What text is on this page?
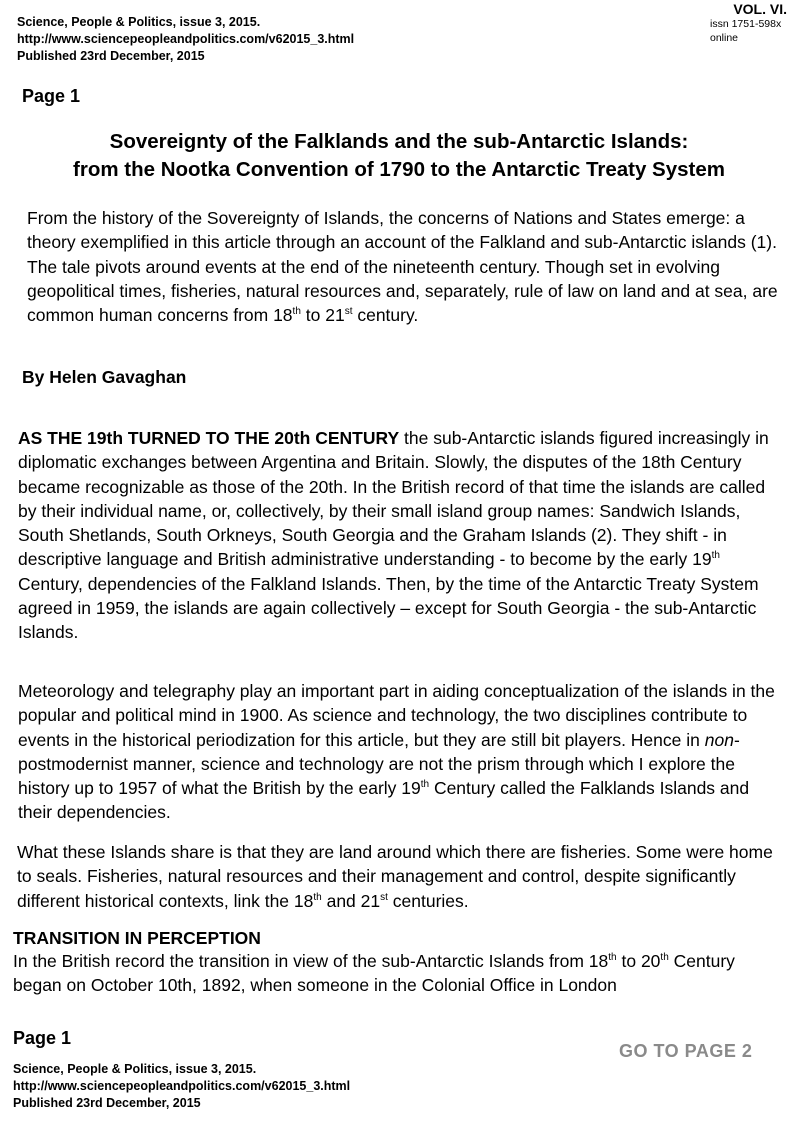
Science, People & Politics, issue 3, 2015.
http://www.sciencepeopleandpolitics.com/v62015_3.html
Published 23rd December, 2015
VOL. VI.
issn 1751-598x
online
Page 1
Sovereignty of the Falklands and the sub-Antarctic Islands:
from the Nootka Convention of 1790 to the Antarctic Treaty System
From the history of the Sovereignty of Islands, the concerns of Nations and States emerge: a theory exemplified in this article through an account of the Falkland and sub-Antarctic islands (1). The tale pivots around events at the end of the nineteenth century. Though set in evolving geopolitical times, fisheries, natural resources and, separately, rule of law on land and at sea, are common human concerns from 18th to 21st century.
By Helen Gavaghan
AS THE 19th TURNED TO THE 20th CENTURY the sub-Antarctic islands figured increasingly in diplomatic exchanges between Argentina and Britain. Slowly, the disputes of the 18th Century became recognizable as those of the 20th. In the British record of that time the islands are called by their individual name, or, collectively, by their small island group names: Sandwich Islands, South Shetlands, South Orkneys, South Georgia and the Graham Islands (2). They shift - in descriptive language and British administrative understanding - to become by the early 19th Century, dependencies of the Falkland Islands. Then, by the time of the Antarctic Treaty System agreed in 1959, the islands are again collectively – except for South Georgia - the sub-Antarctic Islands.
Meteorology and telegraphy play an important part in aiding conceptualization of the islands in the popular and political mind in 1900. As science and technology, the two disciplines contribute to events in the historical periodization for this article, but they are still bit players. Hence in non-postmodernist manner, science and technology are not the prism through which I explore the history up to 1957 of what the British by the early 19th Century called the Falklands Islands and their dependencies.
What these Islands share is that they are land around which there are fisheries. Some were home to seals. Fisheries, natural resources and their management and control, despite significantly different historical contexts, link the 18th and 21st centuries.
TRANSITION IN PERCEPTION
In the British record the transition in view of the sub-Antarctic Islands from 18th to 20th Century began on October 10th, 1892, when someone in the Colonial Office in London
Page 1
GO TO PAGE 2
Science, People & Politics, issue 3, 2015.
http://www.sciencepeopleandpolitics.com/v62015_3.html
Published 23rd December, 2015
